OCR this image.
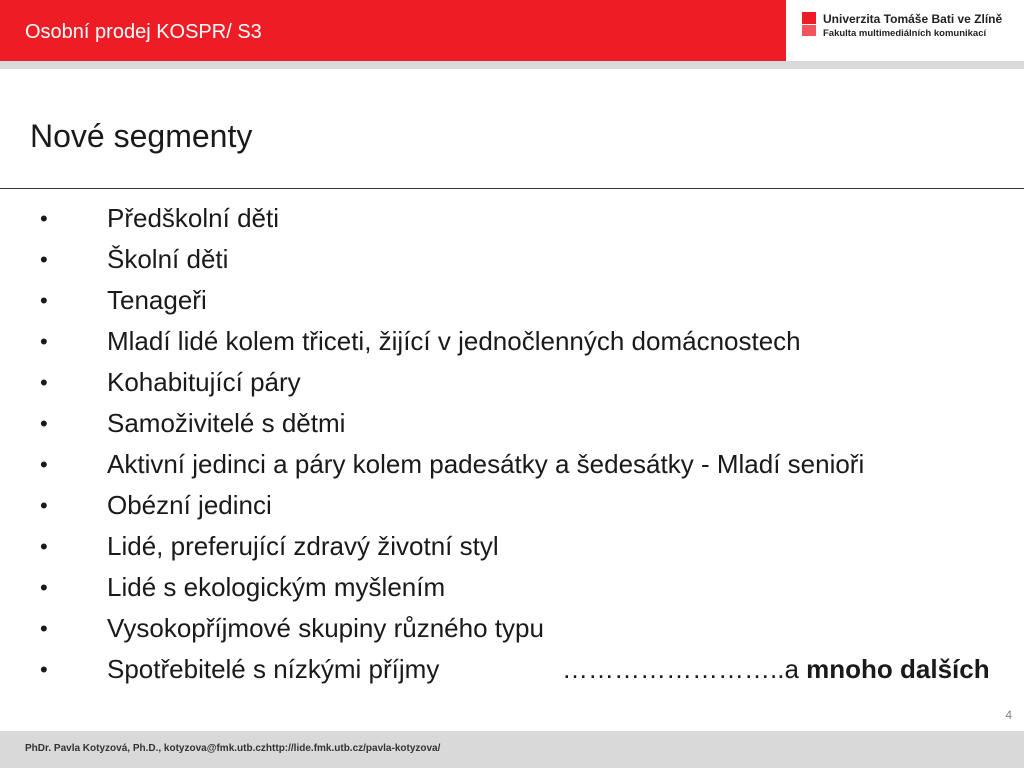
Osobní prodej KOSPR/ S3
Univerzita Tomáše Bati ve Zlíně
Fakulta multimediálních komunikací
Nové segmenty
• Předškolní děti
• Školní děti
• Tenageři
• Mladí lidé kolem třiceti, žijící v jednočlenných domácnostech
• Kohabitující páry
• Samoživitelé s dětmi
• Aktivní jedinci a páry kolem padesátky a šedesátky - Mladí senioři
• Obézní jedinci
• Lidé, preferující zdravý životní styl
• Lidé s ekologickým myšlením
• Vysokopříjmové skupiny různého typu
• Spotřebitelé s nízkými příjmy	……………………..a mnoho dalších
4
PhDr. Pavla Kotyzová, Ph.D., kotyzova@fmk.utb.czhttp://lide.fmk.utb.cz/pavla-kotyzova/
